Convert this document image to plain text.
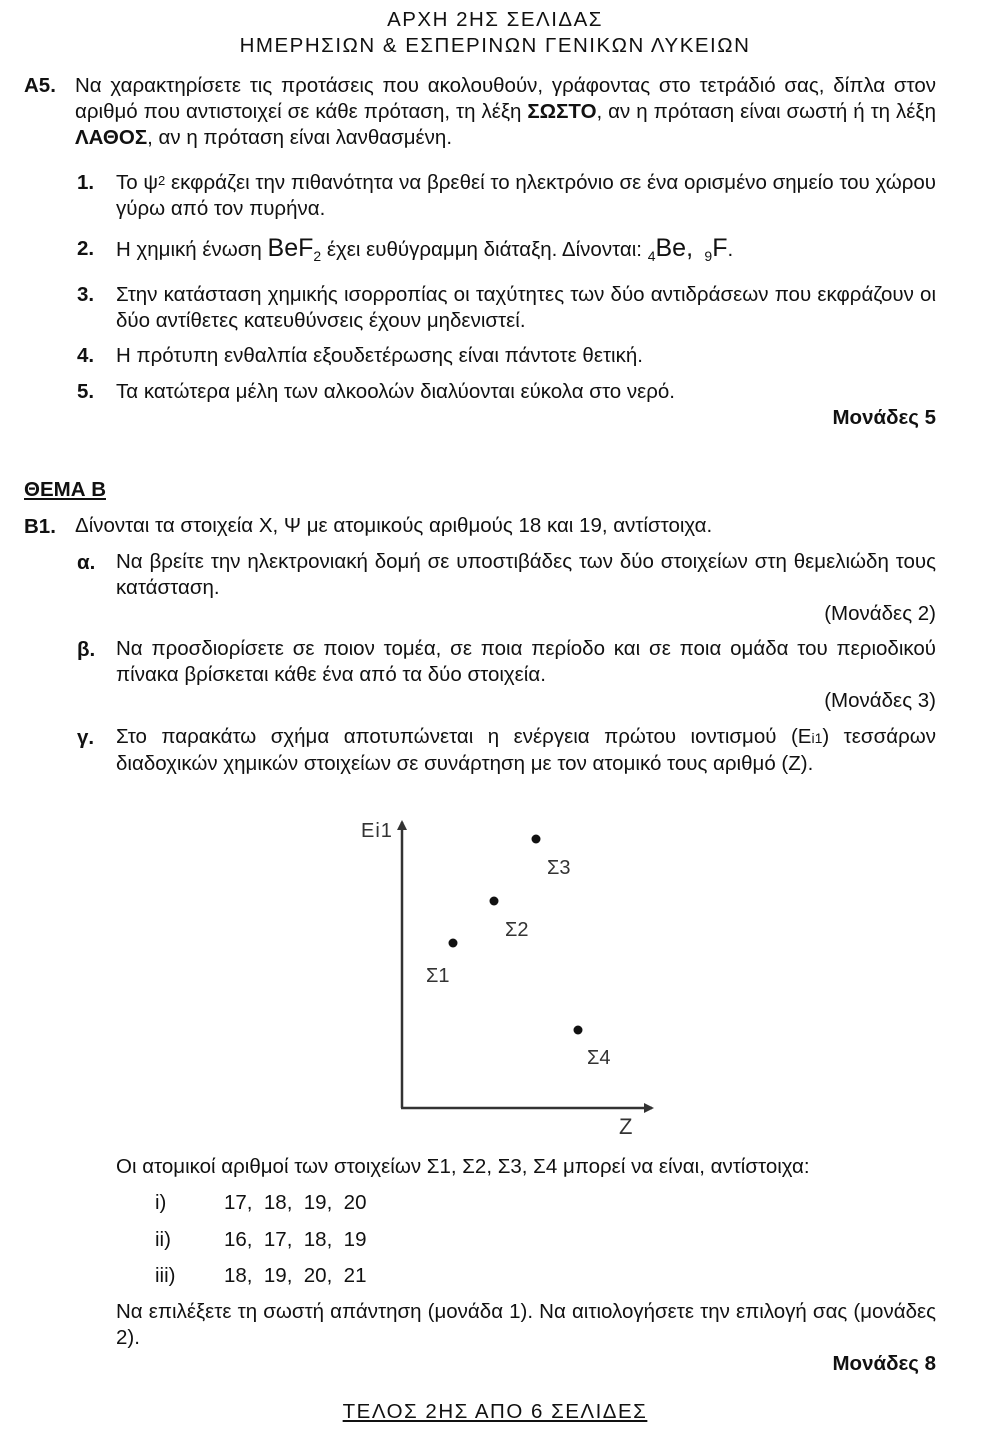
ΑΡΧΗ 2ΗΣ ΣΕΛΙΔΑΣ
ΗΜΕΡΗΣΙΩΝ & ΕΣΠΕΡΙΝΩΝ ΓΕΝΙΚΩΝ ΛΥΚΕΙΩΝ
Α5. Να χαρακτηρίσετε τις προτάσεις που ακολουθούν, γράφοντας στο τετράδιό σας, δίπλα στον αριθμό που αντιστοιχεί σε κάθε πρόταση, τη λέξη ΣΩΣΤΟ, αν η πρόταση είναι σωστή ή τη λέξη ΛΑΘΟΣ, αν η πρόταση είναι λανθασμένη.
1. Το $\psi^2$ εκφράζει την πιθανότητα να βρεθεί το ηλεκτρόνιο σε ένα ορισμένο σημείο του χώρου γύρω από τον πυρήνα.
2. Η χημική ένωση BeF$_2$ έχει ευθύγραμμη διάταξη. Δίνονται: $_4$Be, $_9$F.
3. Στην κατάσταση χημικής ισορροπίας οι ταχύτητες των δύο αντιδράσεων που εκφράζουν οι δύο αντίθετες κατευθύνσεις έχουν μηδενιστεί.
4. Η πρότυπη ενθαλπία εξουδετέρωσης είναι πάντοτε θετική.
5. Τα κατώτερα μέλη των αλκοολών διαλύονται εύκολα στο νερό.
Μονάδες 5
ΘΕΜΑ Β
Β1. Δίνονται τα στοιχεία Χ, Ψ με ατομικούς αριθμούς 18 και 19, αντίστοιχα.
α. Να βρείτε την ηλεκτρονιακή δομή σε υποστιβάδες των δύο στοιχείων στη θεμελιώδη τους κατάσταση.
(Μονάδες 2)
β. Να προσδιορίσετε σε ποιον τομέα, σε ποια περίοδο και σε ποια ομάδα του περιοδικού πίνακα βρίσκεται κάθε ένα από τα δύο στοιχεία.
(Μονάδες 3)
γ. Στο παρακάτω σχήμα αποτυπώνεται η ενέργεια πρώτου ιοντισμού (Ei1) τεσσάρων διαδοχικών χημικών στοιχείων σε συνάρτηση με τον ατομικό τους αριθμό (Z).
Ei1
Z
Σ1
Σ2
Σ3
Σ4
Οι ατομικοί αριθμοί των στοιχείων Σ1, Σ2, Σ3, Σ4 μπορεί να είναι, αντίστοιχα:
i)	17,  18,  19,  20
ii)	16,  17,  18,  19
iii) 18,  19,  20,  21
Να επιλέξετε τη σωστή απάντηση (μονάδα 1). Να αιτιολογήσετε την επιλογή σας (μονάδες 2).
Μονάδες 8
ΤΕΛΟΣ 2ΗΣ ΑΠΟ 6 ΣΕΛΙΔΕΣ
